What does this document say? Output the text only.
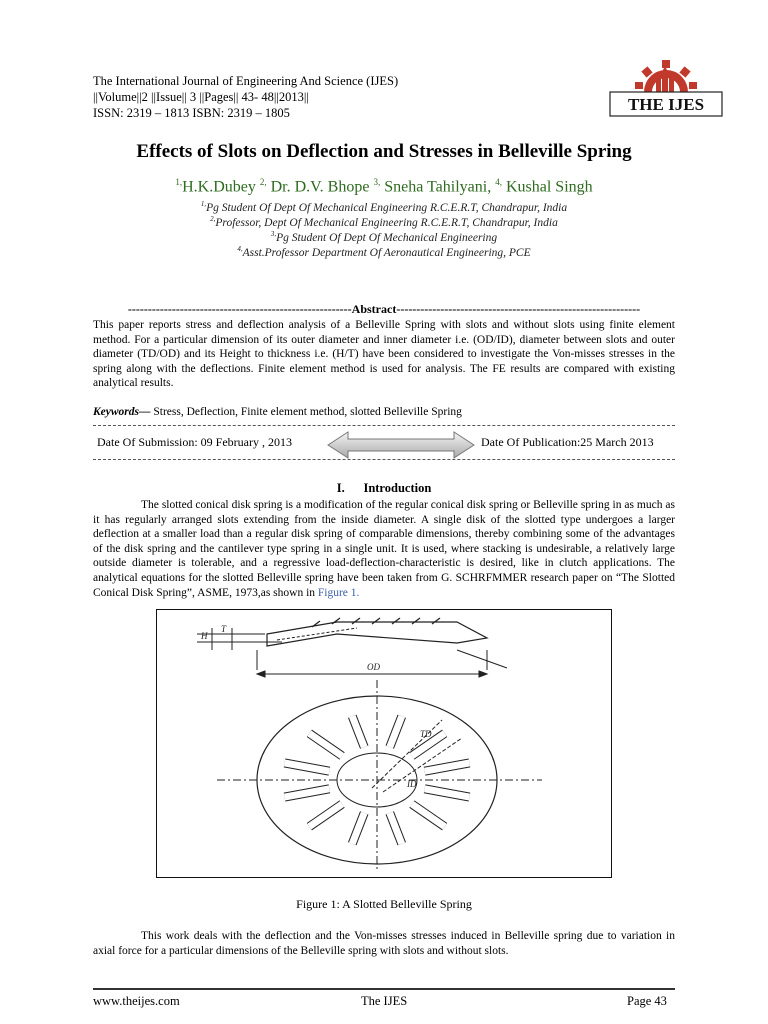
The International Journal of Engineering And Science (IJES)
||Volume||2 ||Issue|| 3 ||Pages|| 43- 48||2013||
ISSN: 2319 – 1813 ISBN: 2319 – 1805	THE IJES
Effects of Slots on Deflection and Stresses in Belleville Spring
$^{1,}$H.K.Dubey $^{2,}$ Dr. D.V. Bhope $^{3,}$ Sneha Tahilyani, $^{4,}$ Kushal Singh
$^{1,}$Pg Student Of Dept Of Mechanical Engineering R.C.E.R.T, Chandrapur, India
$^{2,}$Professor, Dept Of Mechanical Engineering R.C.E.R.T, Chandrapur, India
$^{3,}$Pg Student Of Dept Of Mechanical Engineering
$^{4,}$Asst.Professor Department Of Aeronautical Engineering, PCE
--------------------------------------------------------Abstract-------------------------------------------------------------
This paper reports stress and deflection analysis of a Belleville Spring with slots and without slots using finite element method. For a particular dimension of its outer diameter and inner diameter i.e. (OD/ID), diameter between slots and outer diameter (TD/OD) and its Height to thickness i.e. (H/T) have been considered to investigate the Von-misses stresses in the spring along with the deflections. Finite element method is used for analysis. The FE results are compared with existing analytical results.
Keywords— Stress, Deflection, Finite element method, slotted Belleville Spring
Date Of Submission: 09 February , 2013	Date Of Publication:25 March 2013
I. Introduction
The slotted conical disk spring is a modification of the regular conical disk spring or Belleville spring in as much as it has regularly arranged slots extending from the inside diameter. A single disk of the slotted type undergoes a larger deflection at a smaller load than a regular disk spring of comparable dimensions, thereby combining some of the advantages of the disk spring and the cantilever type spring in a single unit. It is used, where stacking is undesirable, a relatively large outside diameter is tolerable, and a regressive load-deflection-characteristic is desired, like in clutch applications. The analytical equations for the slotted Belleville spring have been taken from G. SCHRFMMER research paper on “The Slotted Conical Disk Spring”, ASME, 1973,as shown in Figure 1.
H
T
OD
ID
TD
Figure 1: A Slotted Belleville Spring
This work deals with the deflection and the Von-misses stresses induced in Belleville spring due to variation in axial force for a particular dimensions of the Belleville spring with slots and without slots.
www.theijes.com	The IJES	Page 43
